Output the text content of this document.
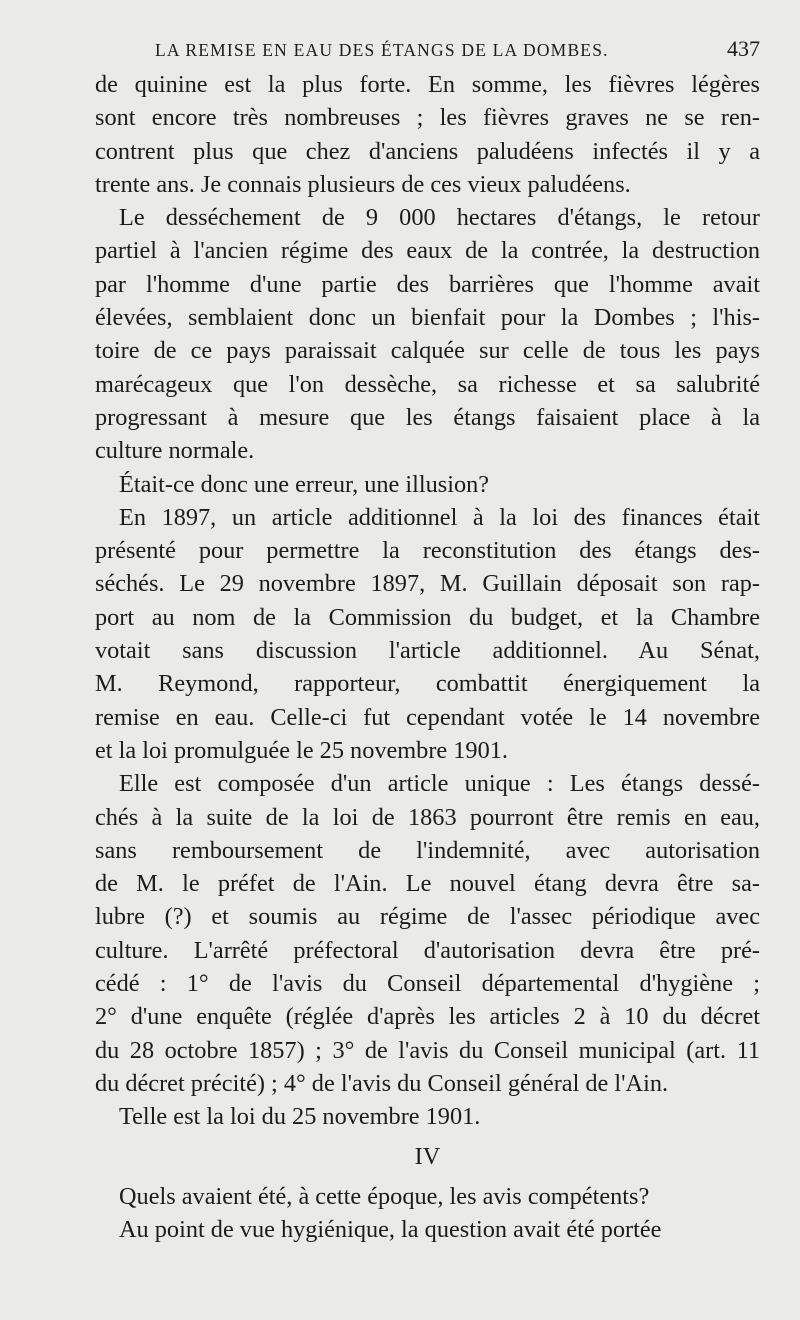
LA REMISE EN EAU DES ÉTANGS DE LA DOMBES.	437
de quinine est la plus forte. En somme, les fièvres légères
sont encore très nombreuses ; les fièvres graves ne se ren-
contrent plus que chez d'anciens paludéens infectés il y a
trente ans. Je connais plusieurs de ces vieux paludéens.
Le desséchement de 9 000 hectares d'étangs, le retour
partiel à l'ancien régime des eaux de la contrée, la destruction
par l'homme d'une partie des barrières que l'homme avait
élevées, semblaient donc un bienfait pour la Dombes ; l'his-
toire de ce pays paraissait calquée sur celle de tous les pays
marécageux que l'on dessèche, sa richesse et sa salubrité
progressant à mesure que les étangs faisaient place à la
culture normale.
Était-ce donc une erreur, une illusion?
En 1897, un article additionnel à la loi des finances était
présenté pour permettre la reconstitution des étangs des-
séchés. Le 29 novembre 1897, M. Guillain déposait son rap-
port au nom de la Commission du budget, et la Chambre
votait sans discussion l'article additionnel. Au Sénat,
M. Reymond, rapporteur, combattit énergiquement la
remise en eau. Celle-ci fut cependant votée le 14 novembre
et la loi promulguée le 25 novembre 1901.
Elle est composée d'un article unique : Les étangs dessé-
chés à la suite de la loi de 1863 pourront être remis en eau,
sans remboursement de l'indemnité, avec autorisation
de M. le préfet de l'Ain. Le nouvel étang devra être sa-
lubre (?) et soumis au régime de l'assec périodique avec
culture. L'arrêté préfectoral d'autorisation devra être pré-
cédé : 1° de l'avis du Conseil départemental d'hygiène ;
2° d'une enquête (réglée d'après les articles 2 à 10 du décret
du 28 octobre 1857) ; 3° de l'avis du Conseil municipal (art. 11
du décret précité) ; 4° de l'avis du Conseil général de l'Ain.
Telle est la loi du 25 novembre 1901.
IV
Quels avaient été, à cette époque, les avis compétents?
Au point de vue hygiénique, la question avait été portée
